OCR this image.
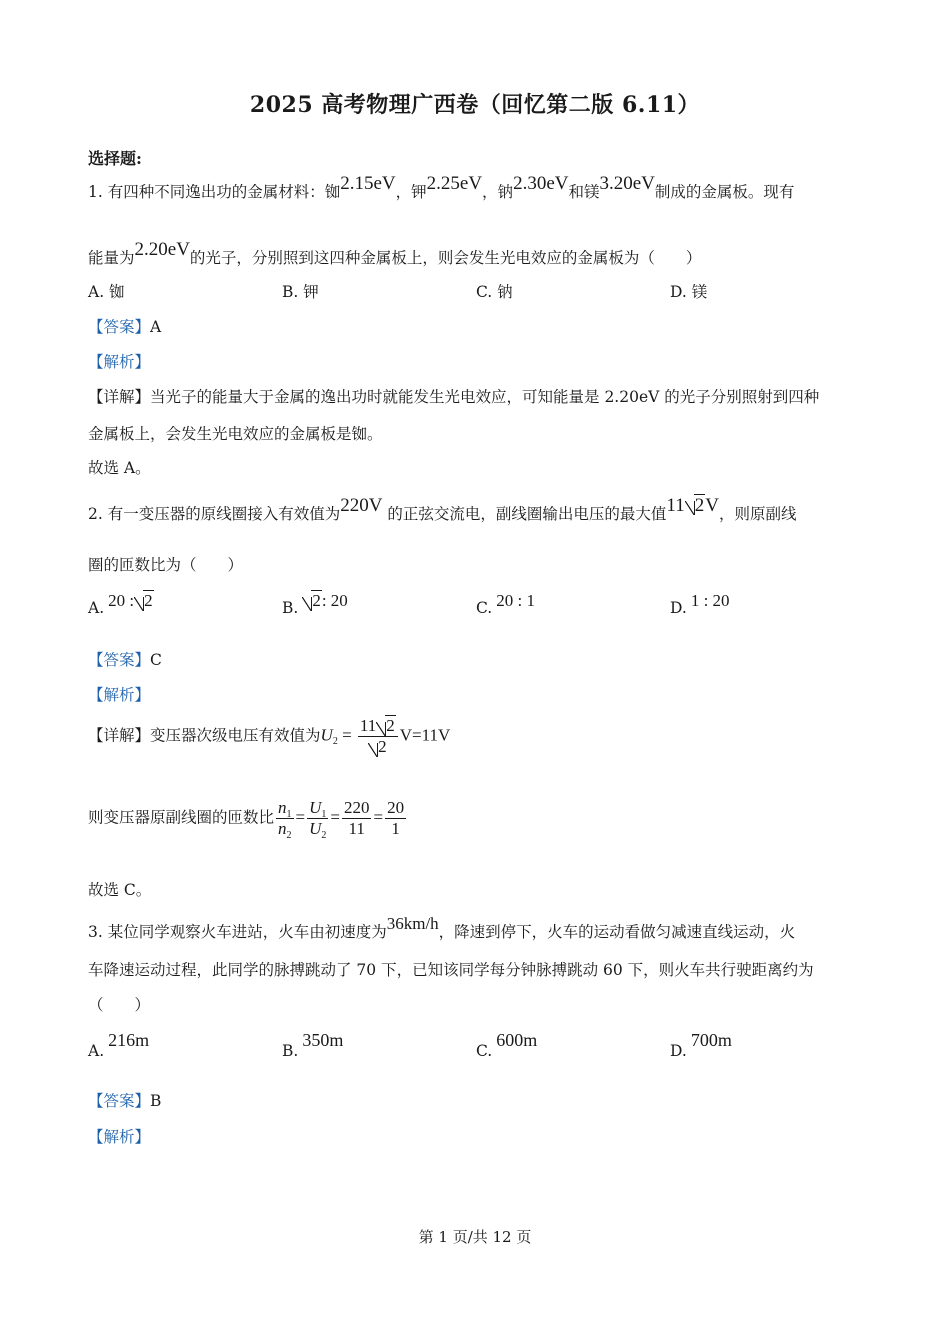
2025 高考物理广西卷（回忆第二版 6.11）
选择题:
1. 有四种不同逸出功的金属材料：铷2.15eV，钾2.25eV，钠2.30eV和镁3.20eV制成的金属板。现有
能量为2.20eV的光子，分别照到这四种金属板上，则会发生光电效应的金属板为（　　）
A. 铷	B. 钾	C. 钠	D. 镁
【答案】A
【解析】
【详解】当光子的能量大于金属的逸出功时就能发生光电效应，可知能量是 2.20eV 的光子分别照射到四种
金属板上，会发生光电效应的金属板是铷。
故选 A。
2. 有一变压器的原线圈接入有效值为220V 的正弦交流电，副线圈输出电压的最大值11 2V，则原副线
圈的匝数比为（　　）
A. 20 : 2	B. 2: 20	C. 20 : 1	D. 1 : 20
【答案】C
【解析】
【详解】变压器次级电压有效值为$U_2 = \frac{11 2}{2} V=11V$
则变压器原副线圈的匝数比 $\frac{n_1}{n_2} = \frac{U_1}{U_2} = \frac{220}{11} = \frac{20}{1}$
故选 C。
3. 某位同学观察火车进站，火车由初速度为36km/h，降速到停下，火车的运动看做匀减速直线运动，火
车降速运动过程，此同学的脉搏跳动了 70 下，已知该同学每分钟脉搏跳动 60 下，则火车共行驶距离约为
（　　）
A.216m
B.350m
C.600m
D.700m
【答案】B
【解析】
第 1 页/共 12 页
